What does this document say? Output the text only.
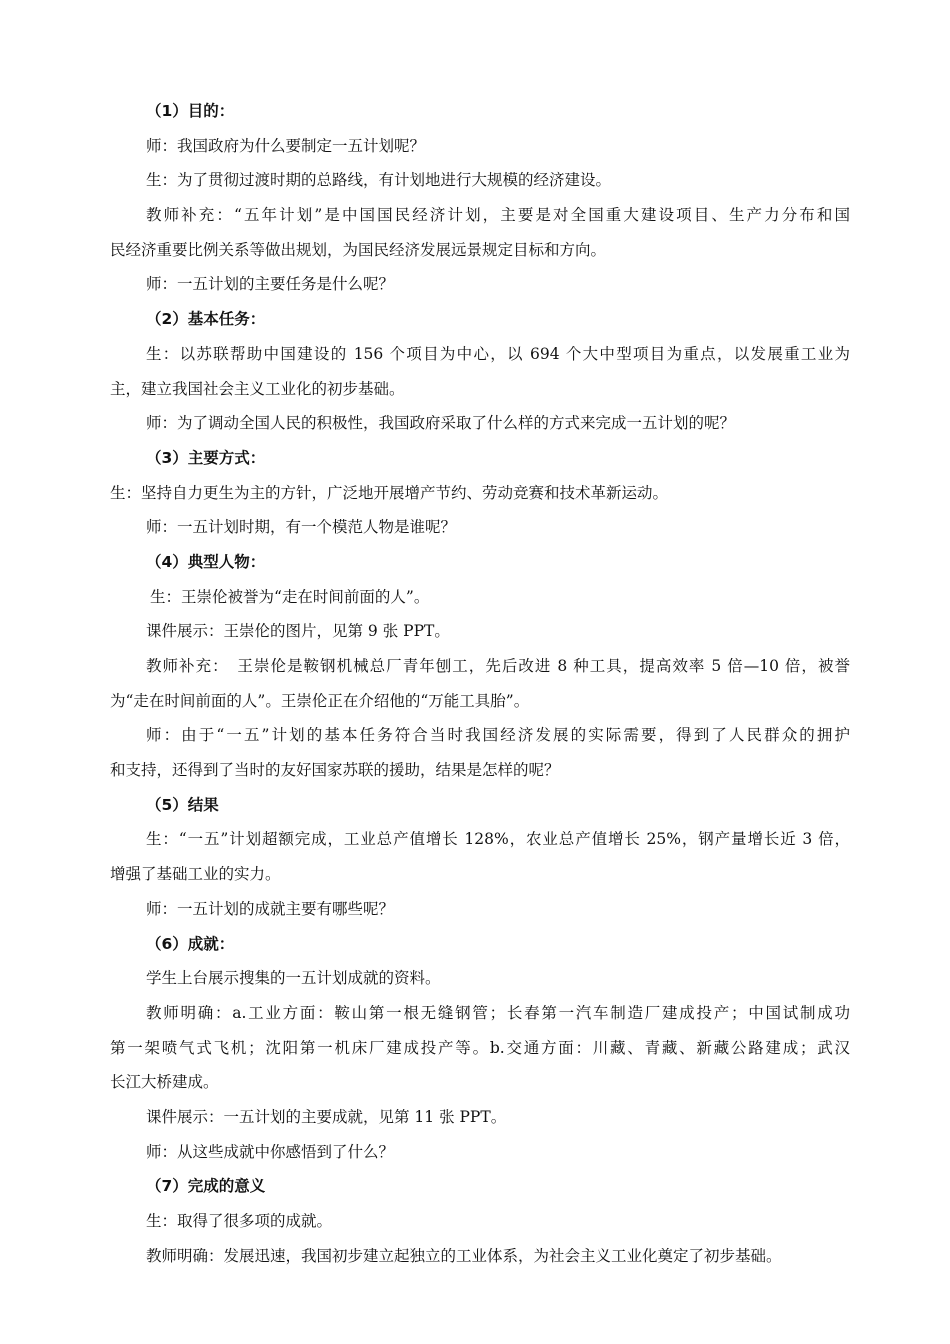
（1）目的：
师：我国政府为什么要制定一五计划呢？
生：为了贯彻过渡时期的总路线，有计划地进行大规模的经济建设。
教师补充：“五年计划”是中国国民经济计划，主要是对全国重大建设项目、生产力分布和国
民经济重要比例关系等做出规划，为国民经济发展远景规定目标和方向。
师：一五计划的主要任务是什么呢？
（2）基本任务：
生：以苏联帮助中国建设的 156 个项目为中心，以 694 个大中型项目为重点，以发展重工业为
主，建立我国社会主义工业化的初步基础。
师：为了调动全国人民的积极性，我国政府采取了什么样的方式来完成一五计划的呢？
（3）主要方式：
生：坚持自力更生为主的方针，广泛地开展增产节约、劳动竞赛和技术革新运动。
师：一五计划时期，有一个模范人物是谁呢？
（4）典型人物：
生：王崇伦被誉为“走在时间前面的人”。
课件展示：王崇伦的图片，见第 9 张 PPT。
教师补充：　王崇伦是鞍钢机械总厂青年刨工，先后改进 8 种工具，提高效率 5 倍—10 倍，被誉
为“走在时间前面的人”。王崇伦正在介绍他的“万能工具胎”。
师：由于“一五”计划的基本任务符合当时我国经济发展的实际需要，得到了人民群众的拥护
和支持，还得到了当时的友好国家苏联的援助，结果是怎样的呢？
（5）结果
生：“一五”计划超额完成，工业总产值增长 128%，农业总产值增长 25%，钢产量增长近 3 倍，
增强了基础工业的实力。
师：一五计划的成就主要有哪些呢？
（6）成就：
学生上台展示搜集的一五计划成就的资料。
教师明确：a.工业方面：鞍山第一根无缝钢管；长春第一汽车制造厂建成投产；中国试制成功
第一架喷气式飞机；沈阳第一机床厂建成投产等。b.交通方面：川藏、青藏、新藏公路建成；武汉
长江大桥建成。
课件展示：一五计划的主要成就，见第 11 张 PPT。
师：从这些成就中你感悟到了什么？
（7）完成的意义
生：取得了很多项的成就。
教师明确：发展迅速，我国初步建立起独立的工业体系，为社会主义工业化奠定了初步基础。
